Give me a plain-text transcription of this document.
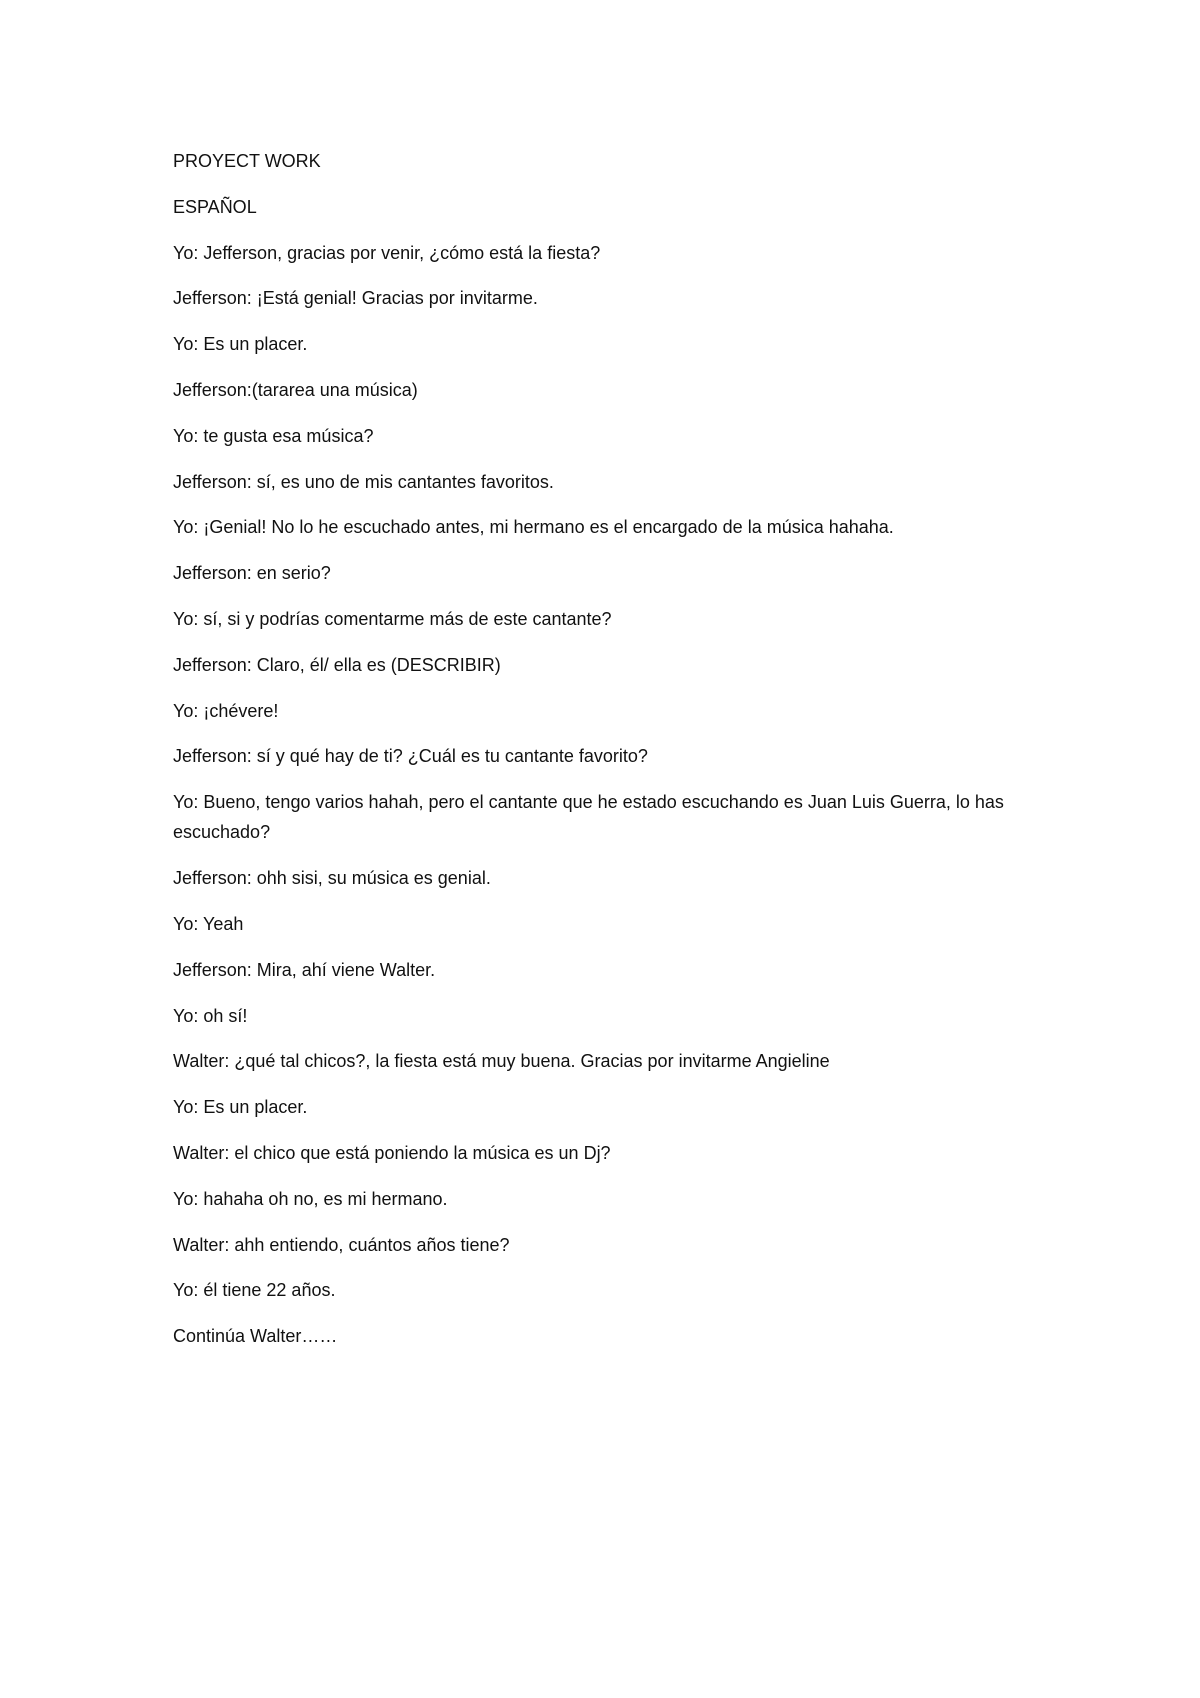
PROYECT WORK
ESPAÑOL
Yo: Jefferson, gracias por venir, ¿cómo está la fiesta?
Jefferson: ¡Está genial! Gracias por invitarme.
Yo: Es un placer.
Jefferson:(tararea una música)
Yo: te gusta esa música?
Jefferson: sí, es uno de mis cantantes favoritos.
Yo: ¡Genial! No lo he escuchado antes, mi hermano es el encargado de la música hahaha.
Jefferson: en serio?
Yo: sí, si y podrías comentarme más de este cantante?
Jefferson: Claro, él/ ella es (DESCRIBIR)
Yo: ¡chévere!
Jefferson: sí y qué hay de ti? ¿Cuál es tu cantante favorito?
Yo: Bueno, tengo varios hahah, pero el cantante que he estado escuchando es Juan Luis Guerra, lo has escuchado?
Jefferson: ohh sisi, su música es genial.
Yo: Yeah
Jefferson: Mira, ahí viene Walter.
Yo: oh sí!
Walter: ¿qué tal chicos?, la fiesta está muy buena. Gracias por invitarme Angieline
Yo: Es un placer.
Walter: el chico que está poniendo la música es un Dj?
Yo: hahaha oh no, es mi hermano.
Walter: ahh entiendo, cuántos años tiene?
Yo: él tiene 22 años.
Continúa Walter……
